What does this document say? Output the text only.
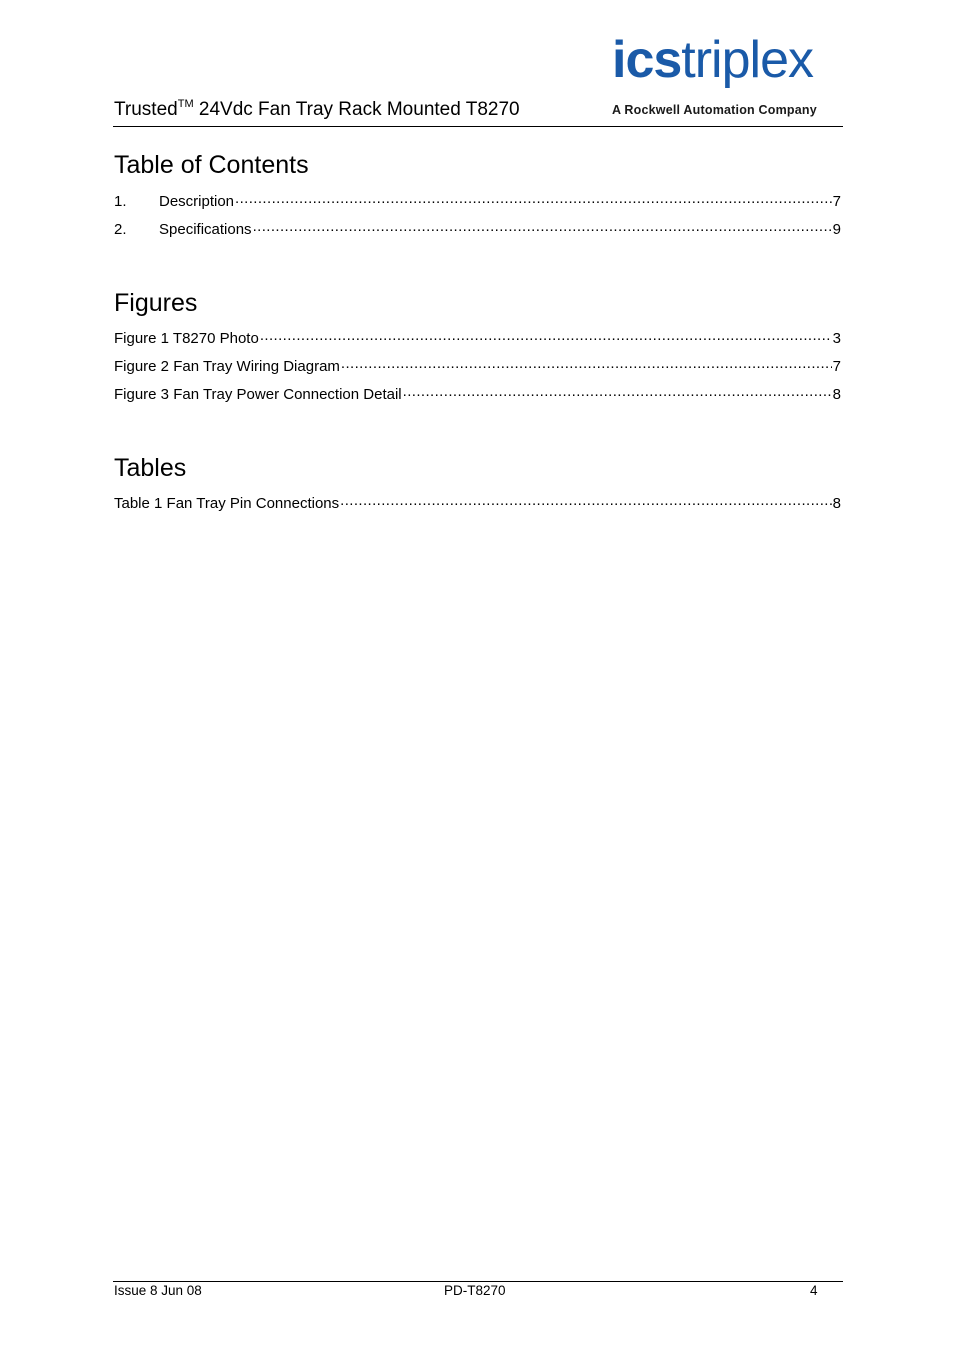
Trusted™ 24Vdc Fan Tray Rack Mounted T8270
icstriplex
A Rockwell Automation Company
Table of Contents
1.	Description .....	7
2.	Specifications .....	9
Figures
Figure 1 T8270 Photo .....	3
Figure 2 Fan Tray Wiring Diagram .....	7
Figure 3 Fan Tray Power Connection Detail .....	8
Tables
Table 1 Fan Tray Pin Connections .....	8
Issue 8 Jun 08	PD-T8270	4
